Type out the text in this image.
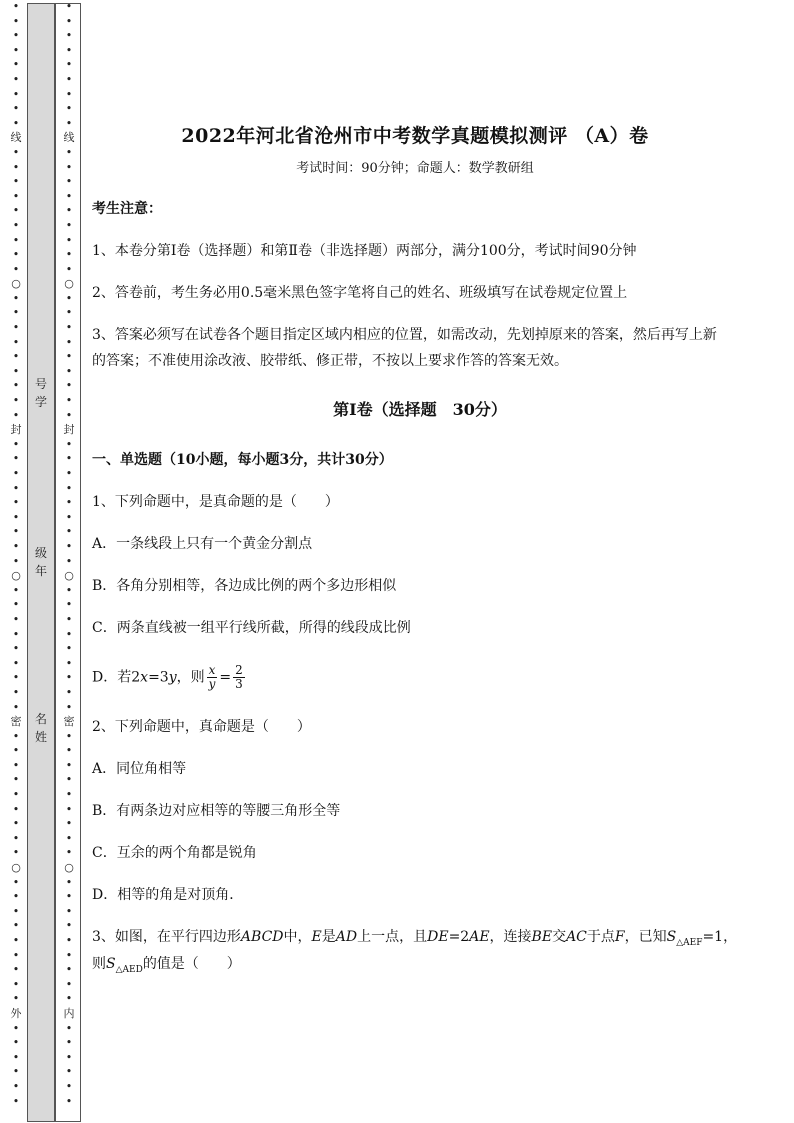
•
•
•
•
•
•
•
•
•
线
•
•
•
•
•
•
•
•
•
○
•
•
•
•
•
•
•
•
•
封
•
•
•
•
•
•
•
•
•
○
•
•
•
•
•
•
•
•
•
密
•
•
•
•
•
•
•
•
•
○
•
•
•
•
•
•
•
•
•
外
•
•
•
•
•
•
•
•
•
•
•
•
•
•
•
线
•
•
•
•
•
•
•
•
•
○
•
•
•
•
•
•
•
•
•
封
•
•
•
•
•
•
•
•
•
○
•
•
•
•
•
•
•
•
•
密
•
•
•
•
•
•
•
•
•
○
•
•
•
•
•
•
•
•
•
内
•
•
•
•
•
•
号
学
级
年
名
姓
2022年河北省沧州市中考数学真题模拟测评 （A）卷
考试时间：90分钟；命题人：数学教研组
考生注意：
1、本卷分第I卷（选择题）和第Ⅱ卷（非选择题）两部分，满分100分，考试时间90分钟
2、答卷前，考生务必用0.5毫米黑色签字笔将自己的姓名、班级填写在试卷规定位置上
3、答案必须写在试卷各个题目指定区域内相应的位置，如需改动，先划掉原来的答案，然后再写上新
的答案；不准使用涂改液、胶带纸、修正带，不按以上要求作答的答案无效。
第I卷（选择题　30分）
一、单选题（10小题，每小题3分，共计30分）
1、下列命题中，是真命题的是（　　）
A．一条线段上只有一个黄金分割点
B．各角分别相等，各边成比例的两个多边形相似
C．两条直线被一组平行线所截，所得的线段成比例
D．若2x=3y，则 $\frac{x}{y} = \frac{2}{3}$
2、下列命题中，真命题是（　　）
A．同位角相等
B．有两条边对应相等的等腰三角形全等
C．互余的两个角都是锐角
D．相等的角是对顶角．
3、如图，在平行四边形ABCD中，E是AD上一点，且DE=2AE，连接BE交AC于点F，已知$S_{\triangle AEF}=1$，
则$S_{\triangle AED}$的值是（　　）
